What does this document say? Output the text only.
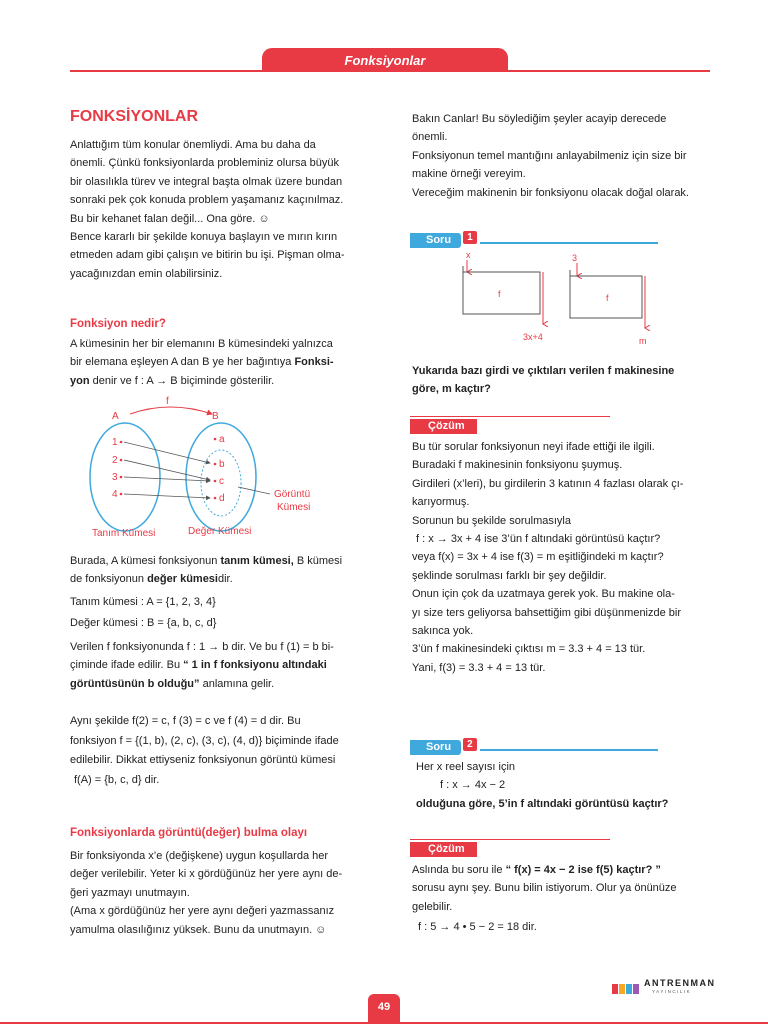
Fonksiyonlar
FONKSİYONLAR
Anlattığım tüm konular önemliydi. Ama bu daha da
önemli. Çünkü fonksiyonlarda probleminiz olursa büyük
bir olasılıkla türev ve integral başta olmak üzere bundan
sonraki pek çok konuda problem yaşamanız kaçınılmaz.
Bu bir kehanet falan değil... Ona göre. ☺
Bence kararlı bir şekilde konuya başlayın ve mırın kırın
etmeden adam gibi çalışın ve bitirin bu işi. Pişman olma-
yacağınızdan emin olabilirsiniz.
Fonksiyon nedir?
A kümesinin her bir elemanını B kümesindeki yalnızca
bir elemana eşleyen A dan B ye her bağıntıya Fonksi-
yon denir ve f : A → B biçiminde gösterilir.
f
A	B
1
2
3
4
a
b
c
d	Görüntü
Kümesi
Tanım Kümesi	Değer Kümesi
Burada, A kümesi fonksiyonun tanım kümesi, B kümesi
de fonksiyonun değer kümesidir.
Tanım kümesi : A = {1, 2, 3, 4}
Değer kümesi : B = {a, b, c, d}
Verilen f fonksiyonunda f : 1 → b dir. Ve bu f (1) = b bi-
çiminde ifade edilir. Bu “ 1 in f fonksiyonu altındaki
görüntüsünün b olduğu” anlamına gelir.
Aynı şekilde f(2) = c, f (3) = c ve f (4) = d dir. Bu
fonksiyon f = {(1, b), (2, c), (3, c), (4, d)} biçiminde ifade
edilebilir. Dikkat ettiyseniz fonksiyonun görüntü kümesi
f(A) = {b, c, d} dir.
Fonksiyonlarda görüntü(değer) bulma olayı
Bir fonksiyonda x’e (değişkene) uygun koşullarda her
değer verilebilir. Yeter ki x gördüğünüz her yere aynı de-
ğeri yazmayı unutmayın.
(Ama x gördüğünüz her yere aynı değeri yazmassanız
yamulma olasılığınız yüksek. Bunu da unutmayın. ☺
Bakın Canlar! Bu söylediğim şeyler acayip derecede
önemli.
Fonksiyonun temel mantığını anlayabilmeniz için size bir
makine örneği vereyim.
Vereceğim makinenin bir fonksiyonu olacak doğal olarak.
Soru 1
x
f
3x+4
3
f
m
Yukarıda bazı girdi ve çıktıları verilen f makinesine
göre, m kaçtır?
Çözüm
Bu tür sorular fonksiyonun neyi ifade ettiği ile ilgili.
Buradaki f makinesinin fonksiyonu şuymuş.
Girdileri (x’leri), bu girdilerin 3 katının 4 fazlası olarak çı-
karıyormuş.
Sorunun bu şekilde sorulmasıyla
f : x → 3x + 4 ise 3’ün f altındaki görüntüsü kaçtır?
veya f(x) = 3x + 4 ise f(3) = m eşitliğindeki m kaçtır?
şeklinde sorulması farklı bir şey değildir.
Onun için çok da uzatmaya gerek yok. Bu makine ola-
yı size ters geliyorsa bahsettiğim gibi düşünmenizde bir
sakınca yok.
3’ün f makinesindeki çıktısı m = 3.3 + 4 = 13 tür.
Yani, f(3) = 3.3 + 4 = 13 tür.
Soru 2
Her x reel sayısı için
f : x → 4x − 2
olduğuna göre, 5’in f altındaki görüntüsü kaçtır?
Çözüm
Aslında bu soru ile “ f(x) = 4x − 2 ise f(5) kaçtır? ”
sorusu aynı şey. Bunu bilin istiyorum. Olur ya önünüze
gelebilir.
f : 5 → 4 • 5 − 2 = 18 dir.
ANTRENMAN
YAYINCILIK
49
